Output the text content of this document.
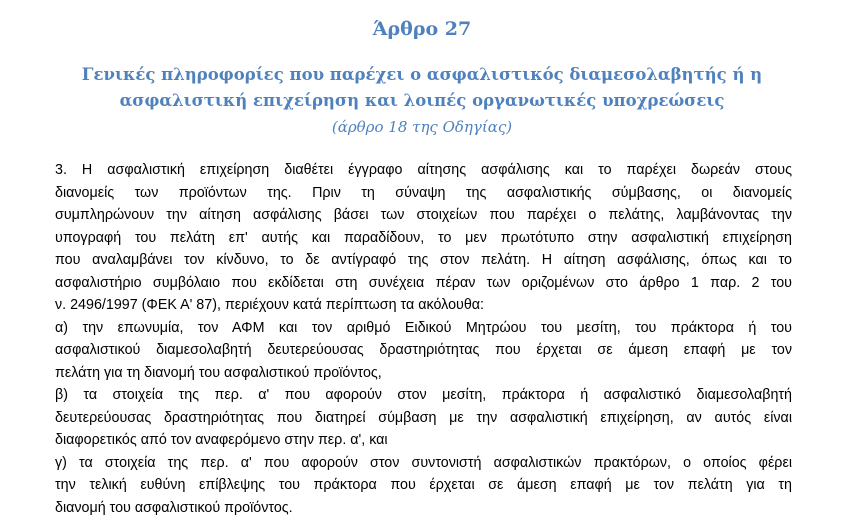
Άρθρο 27
Γενικές πληροφορίες που παρέχει ο ασφαλιστικός διαμεσολαβητής ή η
ασφαλιστική επιχείρηση και λοιπές οργανωτικές υποχρεώσεις
(άρθρο 18 της Οδηγίας)
3. Η ασφαλιστική επιχείρηση διαθέτει έγγραφο αίτησης ασφάλισης και το παρέχει δωρεάν στους
διανομείς των προϊόντων της. Πριν τη σύναψη της ασφαλιστικής σύμβασης, οι διανομείς
συμπληρώνουν την αίτηση ασφάλισης βάσει των στοιχείων που παρέχει ο πελάτης, λαμβάνοντας την
υπογραφή του πελάτη επ' αυτής και παραδίδουν, το μεν πρωτότυπο στην ασφαλιστική επιχείρηση
που αναλαμβάνει τον κίνδυνο, το δε αντίγραφό της στον πελάτη. Η αίτηση ασφάλισης, όπως και το
ασφαλιστήριο συμβόλαιο που εκδίδεται στη συνέχεια πέραν των οριζομένων στο άρθρο 1 παρ. 2 του
ν. 2496/1997 (ΦΕΚ Α' 87), περιέχουν κατά περίπτωση τα ακόλουθα:
α) την επωνυμία, τον ΑΦΜ και τον αριθμό Ειδικού Μητρώου του μεσίτη, του πράκτορα ή του
ασφαλιστικού διαμεσολαβητή δευτερεύουσας δραστηριότητας που έρχεται σε άμεση επαφή με τον
πελάτη για τη διανομή του ασφαλιστικού προϊόντος,
β) τα στοιχεία της περ. α' που αφορούν στον μεσίτη, πράκτορα ή ασφαλιστικό διαμεσολαβητή
δευτερεύουσας δραστηριότητας που διατηρεί σύμβαση με την ασφαλιστική επιχείρηση, αν αυτός είναι
διαφορετικός από τον αναφερόμενο στην περ. α', και
γ) τα στοιχεία της περ. α' που αφορούν στον συντονιστή ασφαλιστικών πρακτόρων, ο οποίος φέρει
την τελική ευθύνη επίβλεψης του πράκτορα που έρχεται σε άμεση επαφή με τον πελάτη για τη
διανομή του ασφαλιστικού προϊόντος.
